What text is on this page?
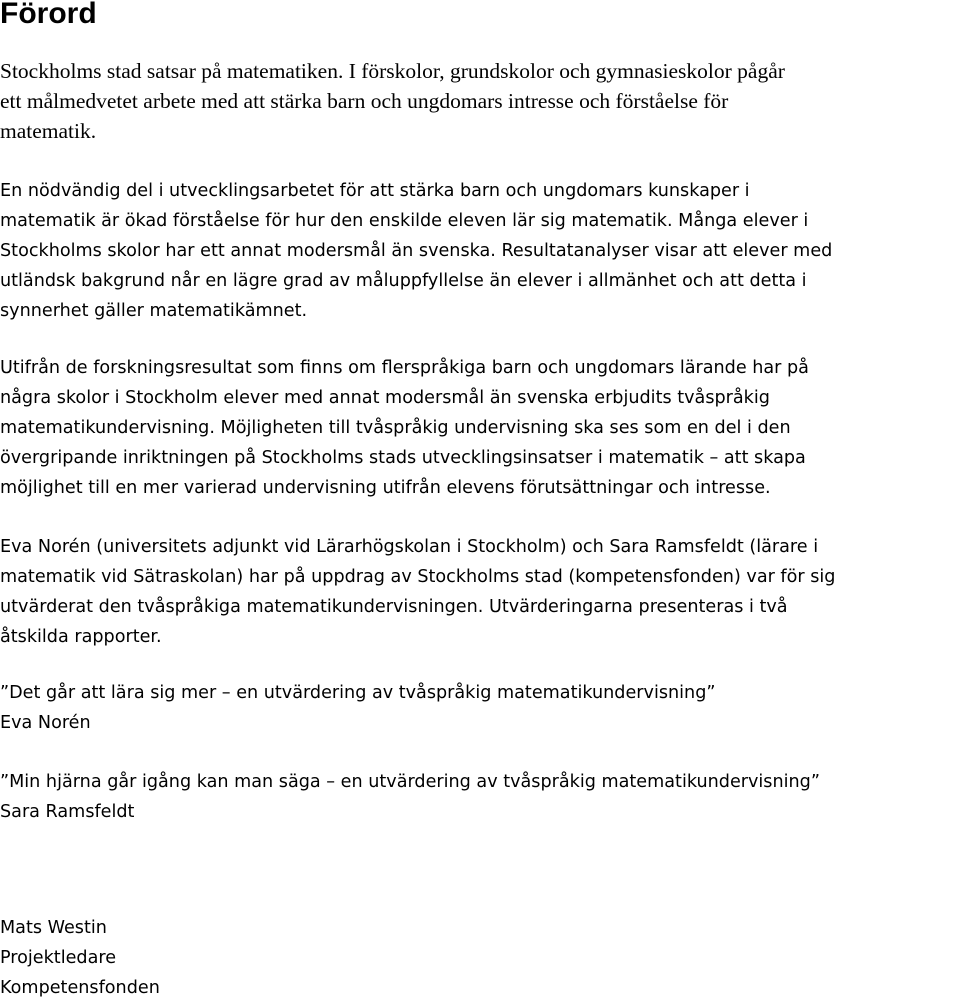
Förord

Stockholms stad satsar på matematiken. I förskolor, grundskolor och gymnasieskolor pågår
ett målmedvetet arbete med att stärka barn och ungdomars intresse och förståelse för
matematik.

En nödvändig del i utvecklingsarbetet för att stärka barn och ungdomars kunskaper i
matematik är ökad förståelse för hur den enskilde eleven lär sig matematik. Många elever i
Stockholms skolor har ett annat modersmål än svenska. Resultatanalyser visar att elever med
utländsk bakgrund når en lägre grad av måluppfyllelse än elever i allmänhet och att detta i
synnerhet gäller matematikämnet.

Utifrån de forskningsresultat som finns om flerspråkiga barn och ungdomars lärande har på
några skolor i Stockholm elever med annat modersmål än svenska erbjudits tvåspråkig
matematikundervisning. Möjligheten till tvåspråkig undervisning ska ses som en del i den
övergripande inriktningen på Stockholms stads utvecklingsinsatser i matematik – att skapa
möjlighet till en mer varierad undervisning utifrån elevens förutsättningar och intresse.

Eva Norén (universitets adjunkt vid Lärarhögskolan i Stockholm) och Sara Ramsfeldt (lärare i
matematik vid Sätraskolan) har på uppdrag av Stockholms stad (kompetensfonden) var för sig
utvärderat den tvåspråkiga matematikundervisningen. Utvärderingarna presenteras i två
åtskilda rapporter.

”Det går att lära sig mer – en utvärdering av tvåspråkig matematikundervisning”
Eva Norén

”Min hjärna går igång kan man säga – en utvärdering av tvåspråkig matematikundervisning”
Sara Ramsfeldt

Mats Westin
Projektledare
Kompetensfonden
